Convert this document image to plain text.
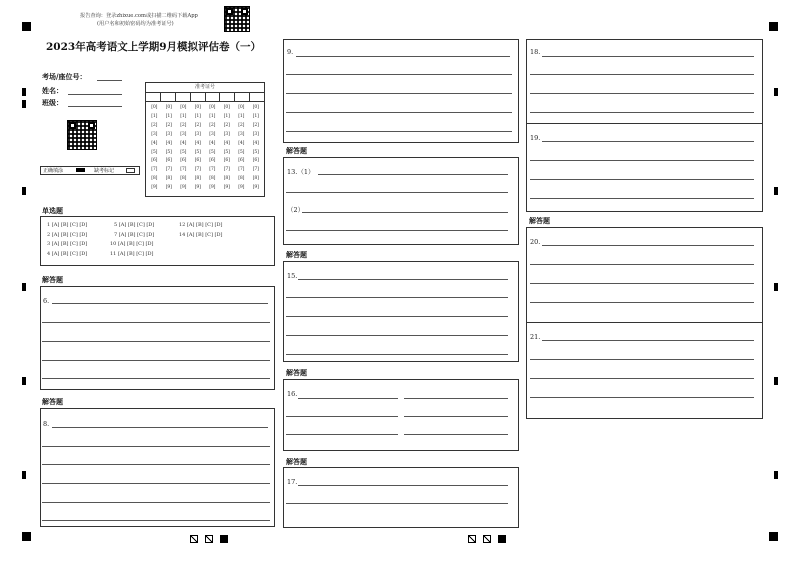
报告查询：登录zhixue.com或扫描二维码下载App
(用户名和初始密码均为准考证号)
2023年高考语文上学期9月模拟评估卷（一）
考场/座位号：
姓名：
班级：
准考证号
[0]
[1]
[2]
[3]
[4]
[5]
[6]
[7]
[8]
[9]
[0]
[1]
[2]
[3]
[4]
[5]
[6]
[7]
[8]
[9]
[0]
[1]
[2]
[3]
[4]
[5]
[6]
[7]
[8]
[9]
[0]
[1]
[2]
[3]
[4]
[5]
[6]
[7]
[8]
[9]
[0]
[1]
[2]
[3]
[4]
[5]
[6]
[7]
[8]
[9]
[0]
[1]
[2]
[3]
[4]
[5]
[6]
[7]
[8]
[9]
[0]
[1]
[2]
[3]
[4]
[5]
[6]
[7]
[8]
[9]
[0]
[1]
[2]
[3]
[4]
[5]
[6]
[7]
[8]
[9]
正确填涂	缺考标记
单选题
1 [A] [B] [C] [D]
2 [A] [B] [C] [D]
3 [A] [B] [C] [D]
4 [A] [B] [C] [D]
5 [A] [B] [C] [D]
7 [A] [B] [C] [D]
10 [A] [B] [C] [D]
11 [A] [B] [C] [D]
12 [A] [B] [C] [D]
14 [A] [B] [C] [D]
解答题
6.
解答题
8.
9.
解答题
13.（1）
（2）
解答题
15.
解答题
16.
解答题
17.
18.
19.
解答题
20.
21.
